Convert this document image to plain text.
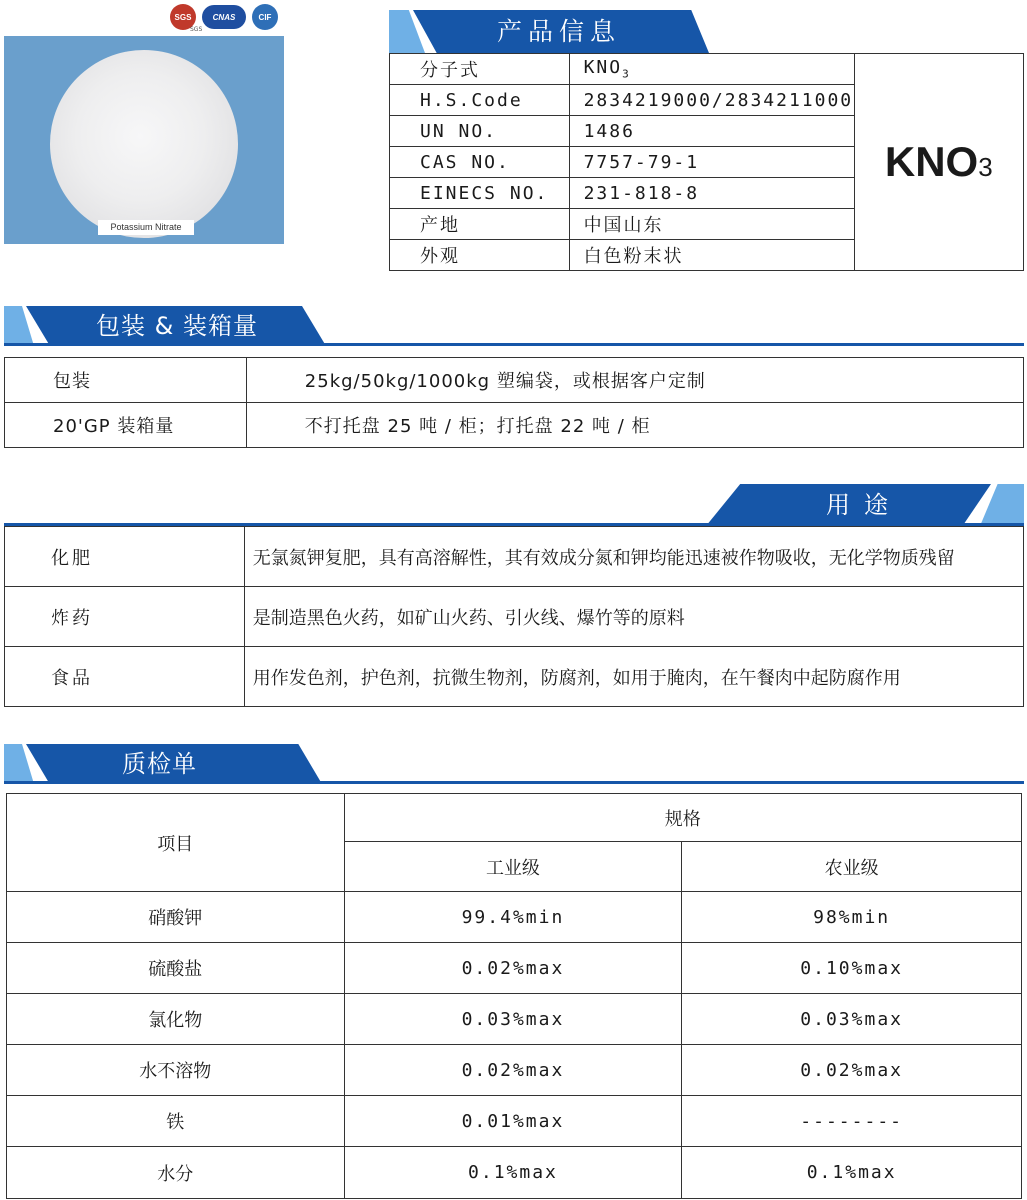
SGS	CNAS	CIF
SGS
Potassium Nitrate
产品信息
分子式	$KNO_3$	KNO3
H.S.Code	2834219000/2834211000	
UN NO.	1486	
CAS NO.	7757-79-1	
EINECS NO.	231-818-8	
产地	中国山东	
外观	白色粉末状	
包装 & 装箱量
包装	25kg/50kg/1000kg 塑编袋，或根据客户定制
20'GP 装箱量	不打托盘 25 吨 / 柜；打托盘 22 吨 / 柜
用途
化肥	无氯氮钾复肥，具有高溶解性，其有效成分氮和钾均能迅速被作物吸收，无化学物质残留
炸药	是制造黑色火药，如矿山火药、引火线、爆竹等的原料
食品	用作发色剂，护色剂，抗微生物剂，防腐剂，如用于腌肉，在午餐肉中起防腐作用
质检单
项目	规格	
	工业级	农业级
硝酸钾	99.4%min	98%min
硫酸盐	0.02%max	0.10%max
氯化物	0.03%max	0.03%max
水不溶物	0.02%max	0.02%max
铁	0.01%max	--------
水分	0.1%max	0.1%max
